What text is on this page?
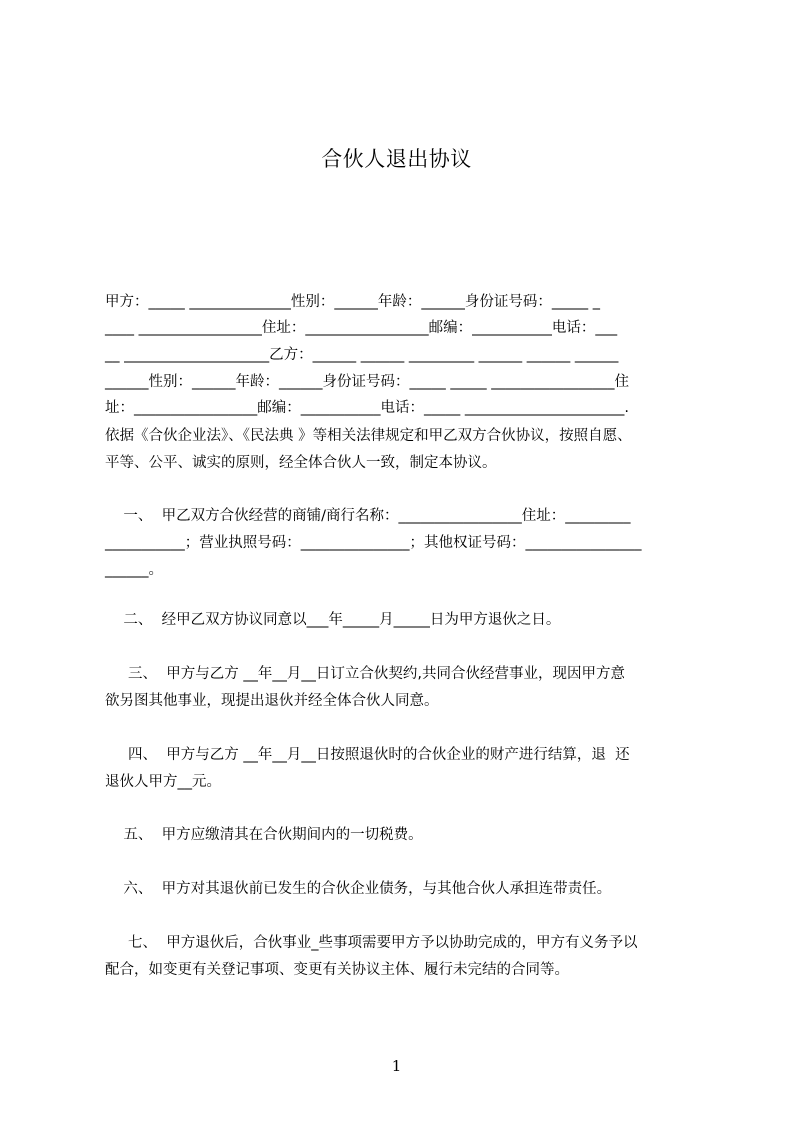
合伙人退出协议
甲方：_____ ______________性别：______年龄：______身份证号码：_____ _
____ _________________住址：_________________邮编：___________电话：___
__ ____________________乙方：______ ______ _________ ______ ______ ______
______性别：______年龄：______身份证号码：_____ _____ _________________住
址：_________________邮编：___________电话：_____ ______________________.
依据《合伙企业法》、《民法典 》等相关法律规定和甲乙双方合伙协议，按照自愿、
平等、公平、诚实的原则，经全体合伙人一致，制定本协议。
一、  甲乙双方合伙经营的商铺/商行名称：_________________住址：_________
___________；营业执照号码：_______________；其他权证号码：________________
______。
二、  经甲乙双方协议同意以___年_____月_____日为甲方退伙之日。
三、  甲方与乙方 __年__月__日订立合伙契约,共同合伙经营事业，现因甲方意
欲另图其他事业，现提出退伙并经全体合伙人同意。
四、  甲方与乙方 __年__月__日按照退伙时的合伙企业的财产进行结算，退  还
退伙人甲方__元。
五、  甲方应缴清其在合伙期间内的一切税费。
六、  甲方对其退伙前已发生的合伙企业债务，与其他合伙人承担连带责任。
七、  甲方退伙后，合伙事业_些事项需要甲方予以协助完成的，甲方有义务予以
配合，如变更有关登记事项、变更有关协议主体、履行未完结的合同等。
1
